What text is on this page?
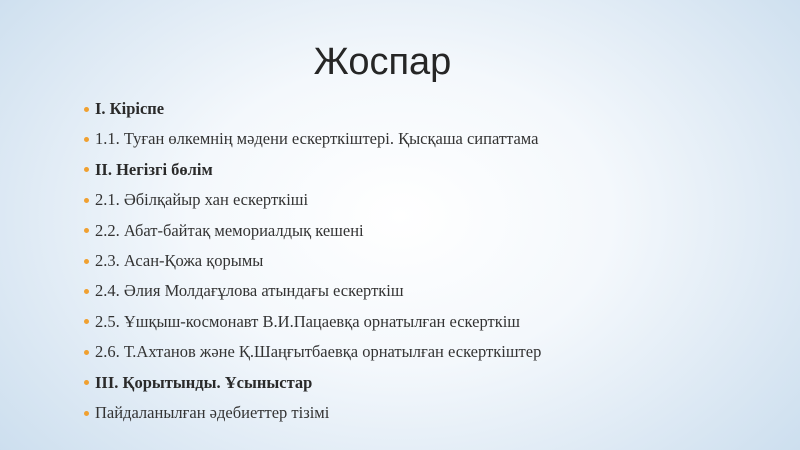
Жоспар
I. Кіріспе
1.1. Туған өлкемнің мәдени ескерткіштері. Қысқаша сипаттама
II. Негізгі бөлім
2.1. Әбілқайыр хан ескерткіші
2.2. Абат-байтақ мемориалдық кешені
2.3. Асан-Қожа қорымы
2.4. Әлия Молдағұлова атындағы ескерткіш
2.5. Ұшқыш-космонавт В.И.Пацаевқа орнатылған ескерткіш
2.6. Т.Ахтанов және Қ.Шаңғытбаевқа орнатылған ескерткіштер
III. Қорытынды. Ұсыныстар
Пайдаланылған әдебиеттер тізімі
